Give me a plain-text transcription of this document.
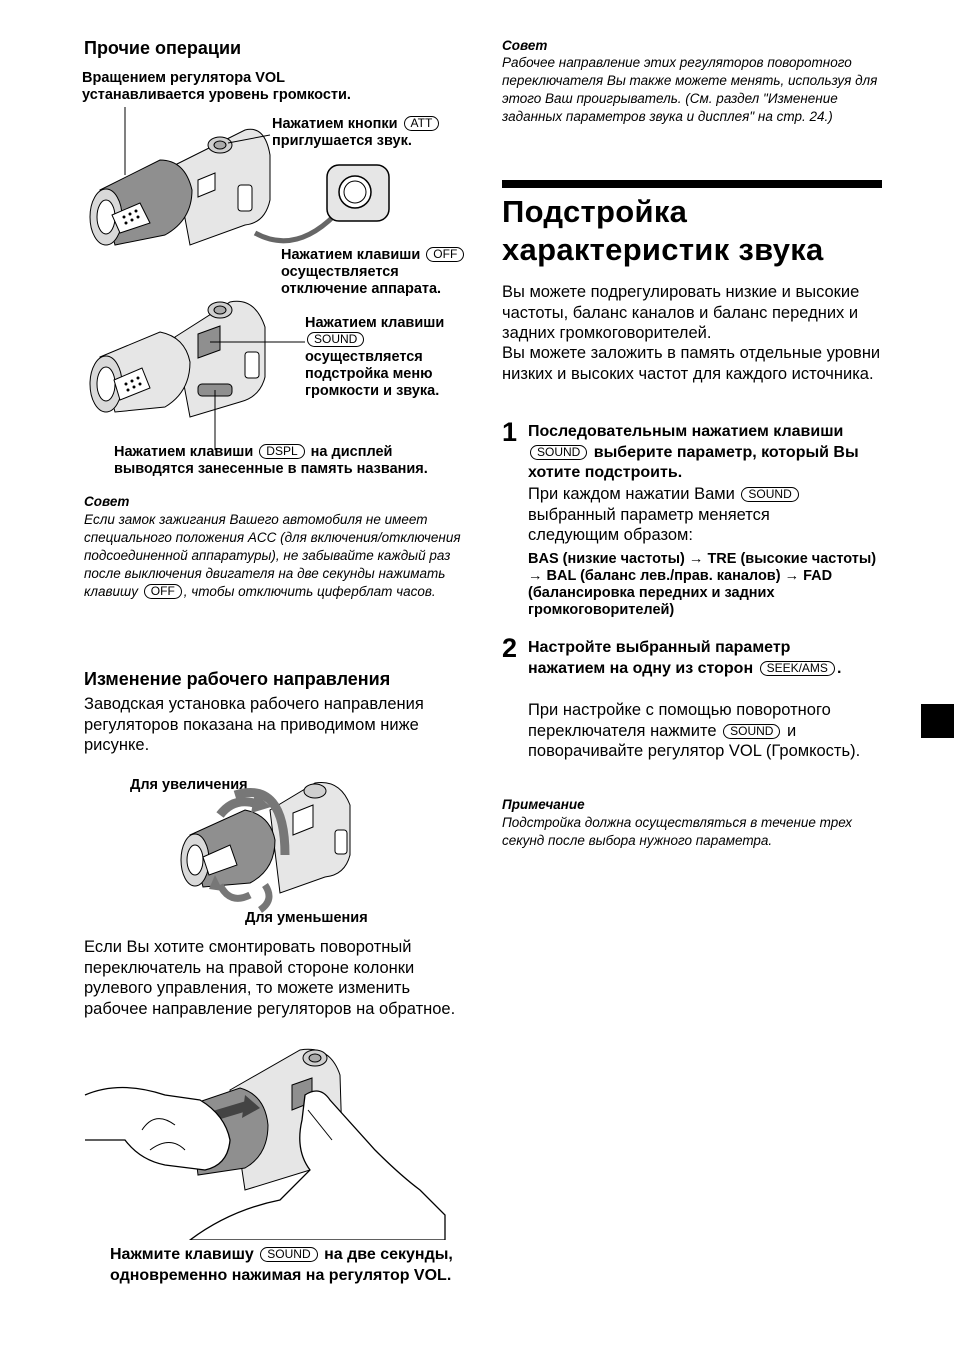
Прочие операции
Вращением регулятора VOL устанавливается уровень громкости.
Нажатием кнопки ATT приглушается звук.
Нажатием клавиши OFF осуществляется отключение аппарата.
Нажатием клавиши SOUND осуществляется подстройка меню громкости и звука.
Нажатием клавиши DSPL на дисплей выводятся занесенные в память названия.
Совет
Если замок зажигания Вашего автомобиля не имеет специального положения ACC (для включения/отключения подсоединенной аппаратуры), не забывайте каждый раз после выключения двигателя на две секунды нажимать клавишу OFF , чтобы отключить циферблат часов.
Изменение рабочего направления
Заводская установка рабочего направления регуляторов показана на приводимом ниже рисунке.
Для увеличения
Для уменьшения
Если Вы хотите смонтировать поворотный переключатель на правой стороне колонки рулевого управления, то можете изменить рабочее направление регуляторов на обратное.
Нажмите клавишу SOUND на две секунды, одновременно нажимая на регулятор VOL.
Совет
Рабочее направление этих регуляторов поворотного переключателя Вы также можете менять, используя для этого Ваш проигрыватель. (См. раздел "Изменение заданных параметров звука и дисплея" на стр. 24.)
Подстройка характеристик звука
Вы можете подрегулировать низкие и высокие частоты, баланс каналов и баланс передних и задних громкоговорителей.
Вы можете заложить в память отдельные уровни низких и высоких частот для каждого источника.
1 Последовательным нажатием клавиши SOUND выберите параметр, который Вы хотите подстроить.
При каждом нажатии Вами SOUND выбранный параметр меняется следующим образом:
BAS (низкие частоты) → TRE (высокие частоты) → BAL (баланс лев./прав. каналов) → FAD (балансировка передних и задних громкоговорителей)
2 Настройте выбранный параметр нажатием на одну из сторон SEEK/AMS .
При настройке с помощью поворотного переключателя нажмите SOUND и поворачивайте регулятор VOL (Громкость).
Примечание
Подстройка должна осуществляться в течение трех секунд после выбора нужного параметра.
